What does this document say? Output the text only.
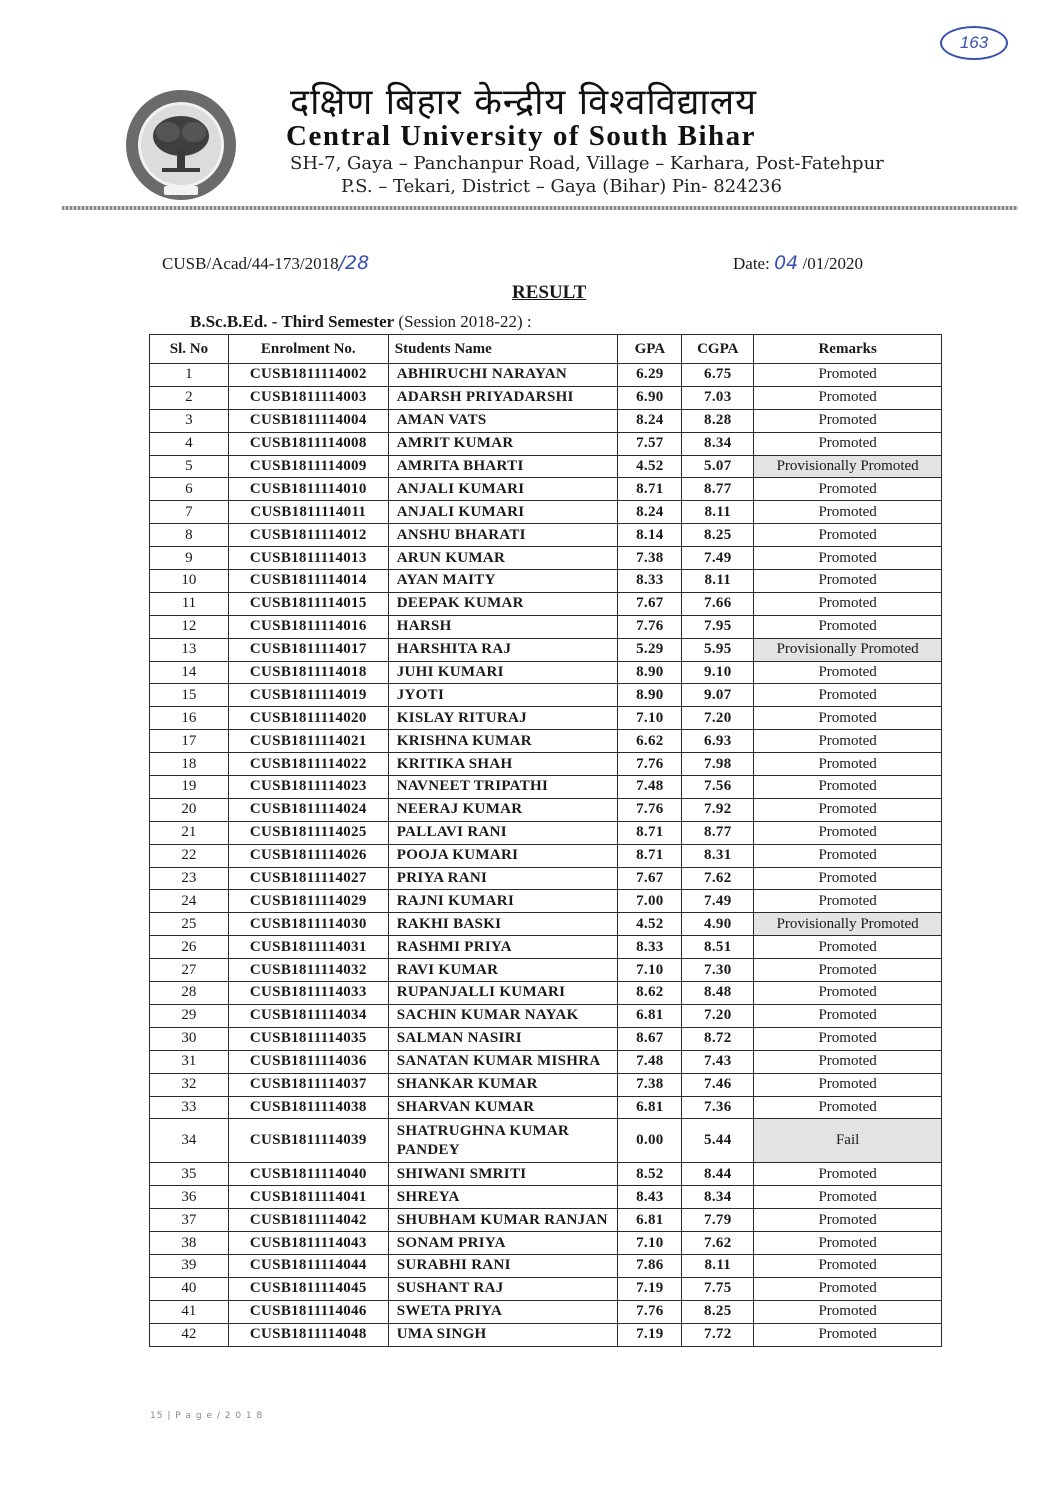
163
दक्षिण बिहार केन्द्रीय विश्वविद्यालय
Central University of South Bihar
SH-7, Gaya – Panchanpur Road, Village – Karhara, Post-Fatehpur
P.S. – Tekari, District – Gaya (Bihar) Pin- 824236
CUSB/Acad/44-173/2018/28	Date: 04 /01/2020
RESULT
B.Sc.B.Ed. - Third Semester (Session 2018-22) :
Sl. No	Enrolment No.	Students Name	GPA	CGPA	Remarks
1	CUSB1811114002	ABHIRUCHI NARAYAN	6.29	6.75	Promoted
2	CUSB1811114003	ADARSH PRIYADARSHI	6.90	7.03	Promoted
3	CUSB1811114004	AMAN VATS	8.24	8.28	Promoted
4	CUSB1811114008	AMRIT KUMAR	7.57	8.34	Promoted
5	CUSB1811114009	AMRITA BHARTI	4.52	5.07	Provisionally Promoted
6	CUSB1811114010	ANJALI KUMARI	8.71	8.77	Promoted
7	CUSB1811114011	ANJALI KUMARI	8.24	8.11	Promoted
8	CUSB1811114012	ANSHU BHARATI	8.14	8.25	Promoted
9	CUSB1811114013	ARUN KUMAR	7.38	7.49	Promoted
10	CUSB1811114014	AYAN MAITY	8.33	8.11	Promoted
11	CUSB1811114015	DEEPAK KUMAR	7.67	7.66	Promoted
12	CUSB1811114016	HARSH	7.76	7.95	Promoted
13	CUSB1811114017	HARSHITA RAJ	5.29	5.95	Provisionally Promoted
14	CUSB1811114018	JUHI KUMARI	8.90	9.10	Promoted
15	CUSB1811114019	JYOTI	8.90	9.07	Promoted
16	CUSB1811114020	KISLAY RITURAJ	7.10	7.20	Promoted
17	CUSB1811114021	KRISHNA KUMAR	6.62	6.93	Promoted
18	CUSB1811114022	KRITIKA SHAH	7.76	7.98	Promoted
19	CUSB1811114023	NAVNEET TRIPATHI	7.48	7.56	Promoted
20	CUSB1811114024	NEERAJ KUMAR	7.76	7.92	Promoted
21	CUSB1811114025	PALLAVI RANI	8.71	8.77	Promoted
22	CUSB1811114026	POOJA KUMARI	8.71	8.31	Promoted
23	CUSB1811114027	PRIYA RANI	7.67	7.62	Promoted
24	CUSB1811114029	RAJNI KUMARI	7.00	7.49	Promoted
25	CUSB1811114030	RAKHI BASKI	4.52	4.90	Provisionally Promoted
26	CUSB1811114031	RASHMI PRIYA	8.33	8.51	Promoted
27	CUSB1811114032	RAVI KUMAR	7.10	7.30	Promoted
28	CUSB1811114033	RUPANJALLI KUMARI	8.62	8.48	Promoted
29	CUSB1811114034	SACHIN KUMAR NAYAK	6.81	7.20	Promoted
30	CUSB1811114035	SALMAN NASIRI	8.67	8.72	Promoted
31	CUSB1811114036	SANATAN KUMAR MISHRA	7.48	7.43	Promoted
32	CUSB1811114037	SHANKAR KUMAR	7.38	7.46	Promoted
33	CUSB1811114038	SHARVAN KUMAR	6.81	7.36	Promoted
34	CUSB1811114039	SHATRUGHNA KUMAR PANDEY	0.00	5.44	Fail
35	CUSB1811114040	SHIWANI SMRITI	8.52	8.44	Promoted
36	CUSB1811114041	SHREYA	8.43	8.34	Promoted
37	CUSB1811114042	SHUBHAM KUMAR RANJAN	6.81	7.79	Promoted
38	CUSB1811114043	SONAM PRIYA	7.10	7.62	Promoted
39	CUSB1811114044	SURABHI RANI	7.86	8.11	Promoted
40	CUSB1811114045	SUSHANT RAJ	7.19	7.75	Promoted
41	CUSB1811114046	SWETA PRIYA	7.76	8.25	Promoted
42	CUSB1811114048	UMA SINGH	7.19	7.72	Promoted
15 | P a g e / 2 0 1 8
